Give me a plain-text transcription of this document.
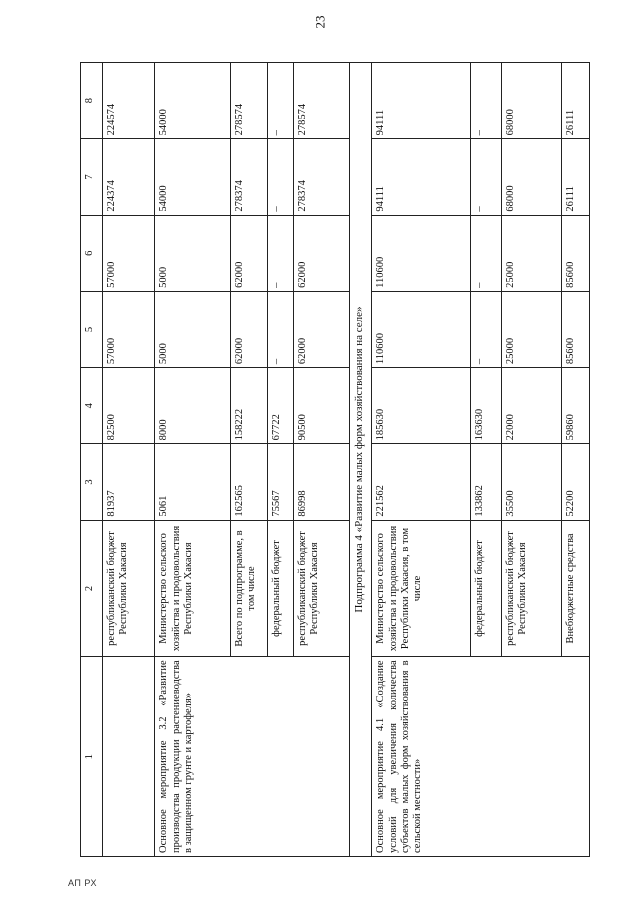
23
1	2	3	4	5	6	7	8
	республиканский бюджет Республики Хакасия	81937	82500	57000	57000	224374	224574
Основное мероприятие 3.2 «Развитие производства продукции растениеводства в защищенном грунте и картофеля»	Министерство сельского хозяйства и продовольствия Республики Хакасия	5061	8000	5000	5000	54000	54000
	Всего по подпрограмме, в том числе	162565	158222	62000	62000	278374	278574
	федеральный бюджет	75567	67722	–	–	–	–
	республиканский бюджет Республики Хакасия	86998	90500	62000	62000	278374	278574
Подпрограмма 4 «Развитие малых форм хозяйствования на селе»							
Основное мероприятие 4.1 «Создание условий для увеличения количества субъектов малых форм хозяйствования в сельской местности»	Министерство сельского хозяйства и продовольствия Республики Хакасия, в том числе	221562	185630	110600	110600	94111	94111
	федеральный бюджет	133862	163630	–	–	–	–
	республиканский бюджет Республики Хакасия	35500	22000	25000	25000	68000	68000
	Внебюджетные средства	52200	59860	85600	85600	26111	26111
АП РХ
